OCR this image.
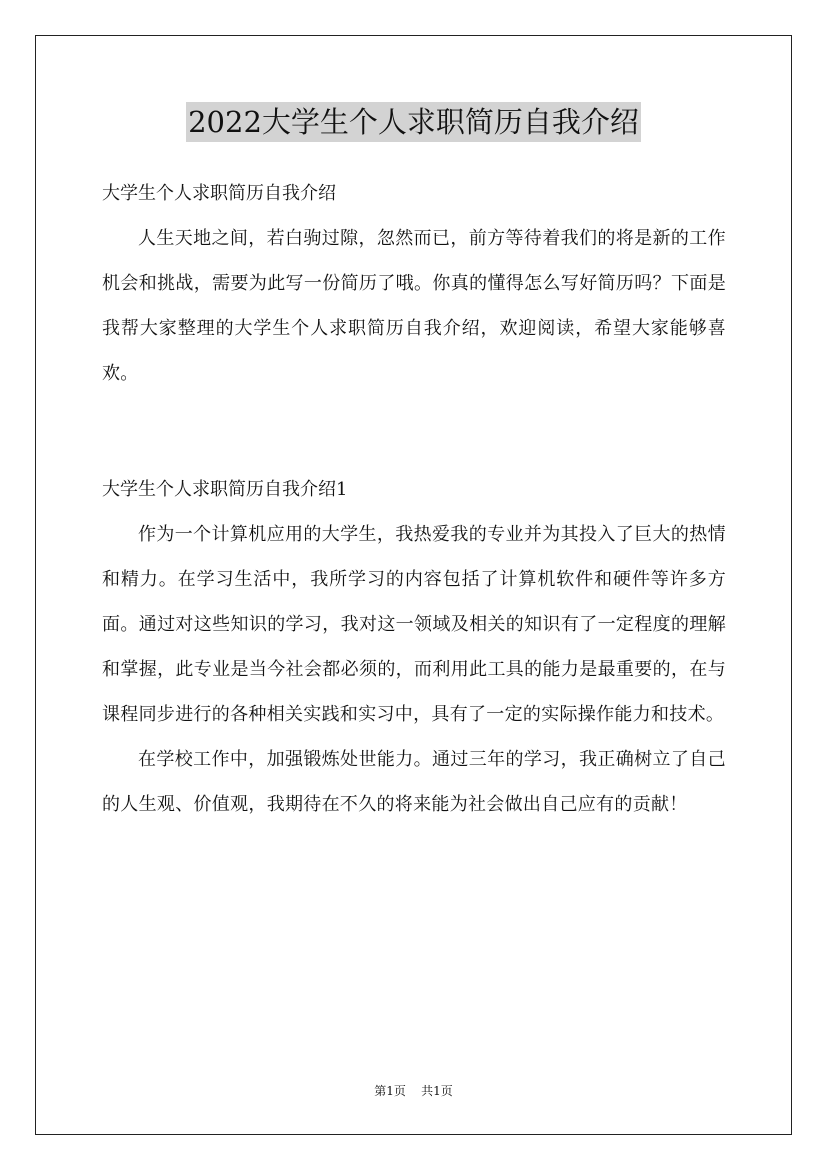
2022大学生个人求职简历自我介绍

大学生个人求职简历自我介绍

人生天地之间，若白驹过隙，忽然而已，前方等待着我们的将是新的工作机会和挑战，需要为此写一份简历了哦。你真的懂得怎么写好简历吗？下面是我帮大家整理的大学生个人求职简历自我介绍，欢迎阅读，希望大家能够喜欢。

大学生个人求职简历自我介绍1

作为一个计算机应用的大学生，我热爱我的专业并为其投入了巨大的热情和精力。在学习生活中，我所学习的内容包括了计算机软件和硬件等许多方面。通过对这些知识的学习，我对这一领域及相关的知识有了一定程度的理解和掌握，此专业是当今社会都必须的，而利用此工具的能力是最重要的，在与课程同步进行的各种相关实践和实习中，具有了一定的实际操作能力和技术。

在学校工作中，加强锻炼处世能力。通过三年的学习，我正确树立了自己的人生观、价值观，我期待在不久的将来能为社会做出自己应有的贡献！

第1页 共1页
